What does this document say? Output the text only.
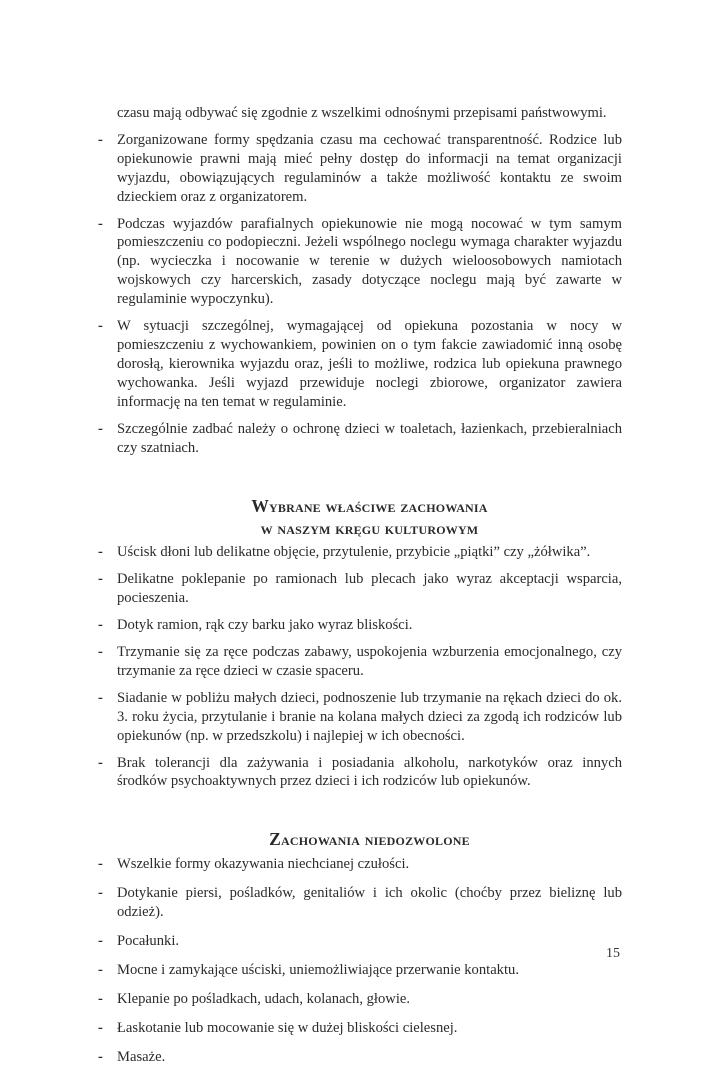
czasu mają odbywać się zgodnie z wszelkimi odnośnymi przepisami państwowymi.

- Zorganizowane formy spędzania czasu ma cechować transparentność. Rodzice lub opiekunowie prawni mają mieć pełny dostęp do informacji na temat organizacji wyjazdu, obowiązujących regulaminów a także możliwość kontaktu ze swoim dzieckiem oraz z organizatorem.
- Podczas wyjazdów parafialnych opiekunowie nie mogą nocować w tym samym pomieszczeniu co podopieczni. Jeżeli wspólnego noclegu wymaga charakter wyjazdu (np. wycieczka i nocowanie w terenie w dużych wieloosobowych namiotach wojskowych czy harcerskich, zasady dotyczące noclegu mają być zawarte w regulaminie wypoczynku).
- W sytuacji szczególnej, wymagającej od opiekuna pozostania w nocy w pomieszczeniu z wychowankiem, powinien on o tym fakcie zawiadomić inną osobę dorosłą, kierownika wyjazdu oraz, jeśli to możliwe, rodzica lub opiekuna prawnego wychowanka. Jeśli wyjazd przewiduje noclegi zbiorowe, organizator zawiera informację na ten temat w regulaminie.
- Szczególnie zadbać należy o ochronę dzieci w toaletach, łazienkach, przebieralniach czy szatniach.
Wybrane właściwe zachowania
w naszym kręgu kulturowym
- Uścisk dłoni lub delikatne objęcie, przytulenie, przybicie „piątki” czy „żółwika”.
- Delikatne poklepanie po ramionach lub plecach jako wyraz akceptacji wsparcia, pocieszenia.
- Dotyk ramion, rąk czy barku jako wyraz bliskości.
- Trzymanie się za ręce podczas zabawy, uspokojenia wzburzenia emocjonalnego, czy trzymanie za ręce dzieci w czasie spaceru.
- Siadanie w pobliżu małych dzieci, podnoszenie lub trzymanie na rękach dzieci do ok. 3. roku życia, przytulanie i branie na kolana małych dzieci za zgodą ich rodziców lub opiekunów (np. w przedszkolu) i najlepiej w ich obecności.
- Brak tolerancji dla zażywania i posiadania alkoholu, narkotyków oraz innych środków psychoaktywnych przez dzieci i ich rodziców lub opiekunów.
Zachowania niedozwolone
- Wszelkie formy okazywania niechcianej czułości.
- Dotykanie piersi, pośladków, genitaliów i ich okolic (choćby przez bieliznę lub odzież).
- Pocałunki.
- Mocne i zamykające uściski, uniemożliwiające przerwanie kontaktu.
- Klepanie po pośladkach, udach, kolanach, głowie.
- Łaskotanie lub mocowanie się w dużej bliskości cielesnej.
- Masaże.
15
